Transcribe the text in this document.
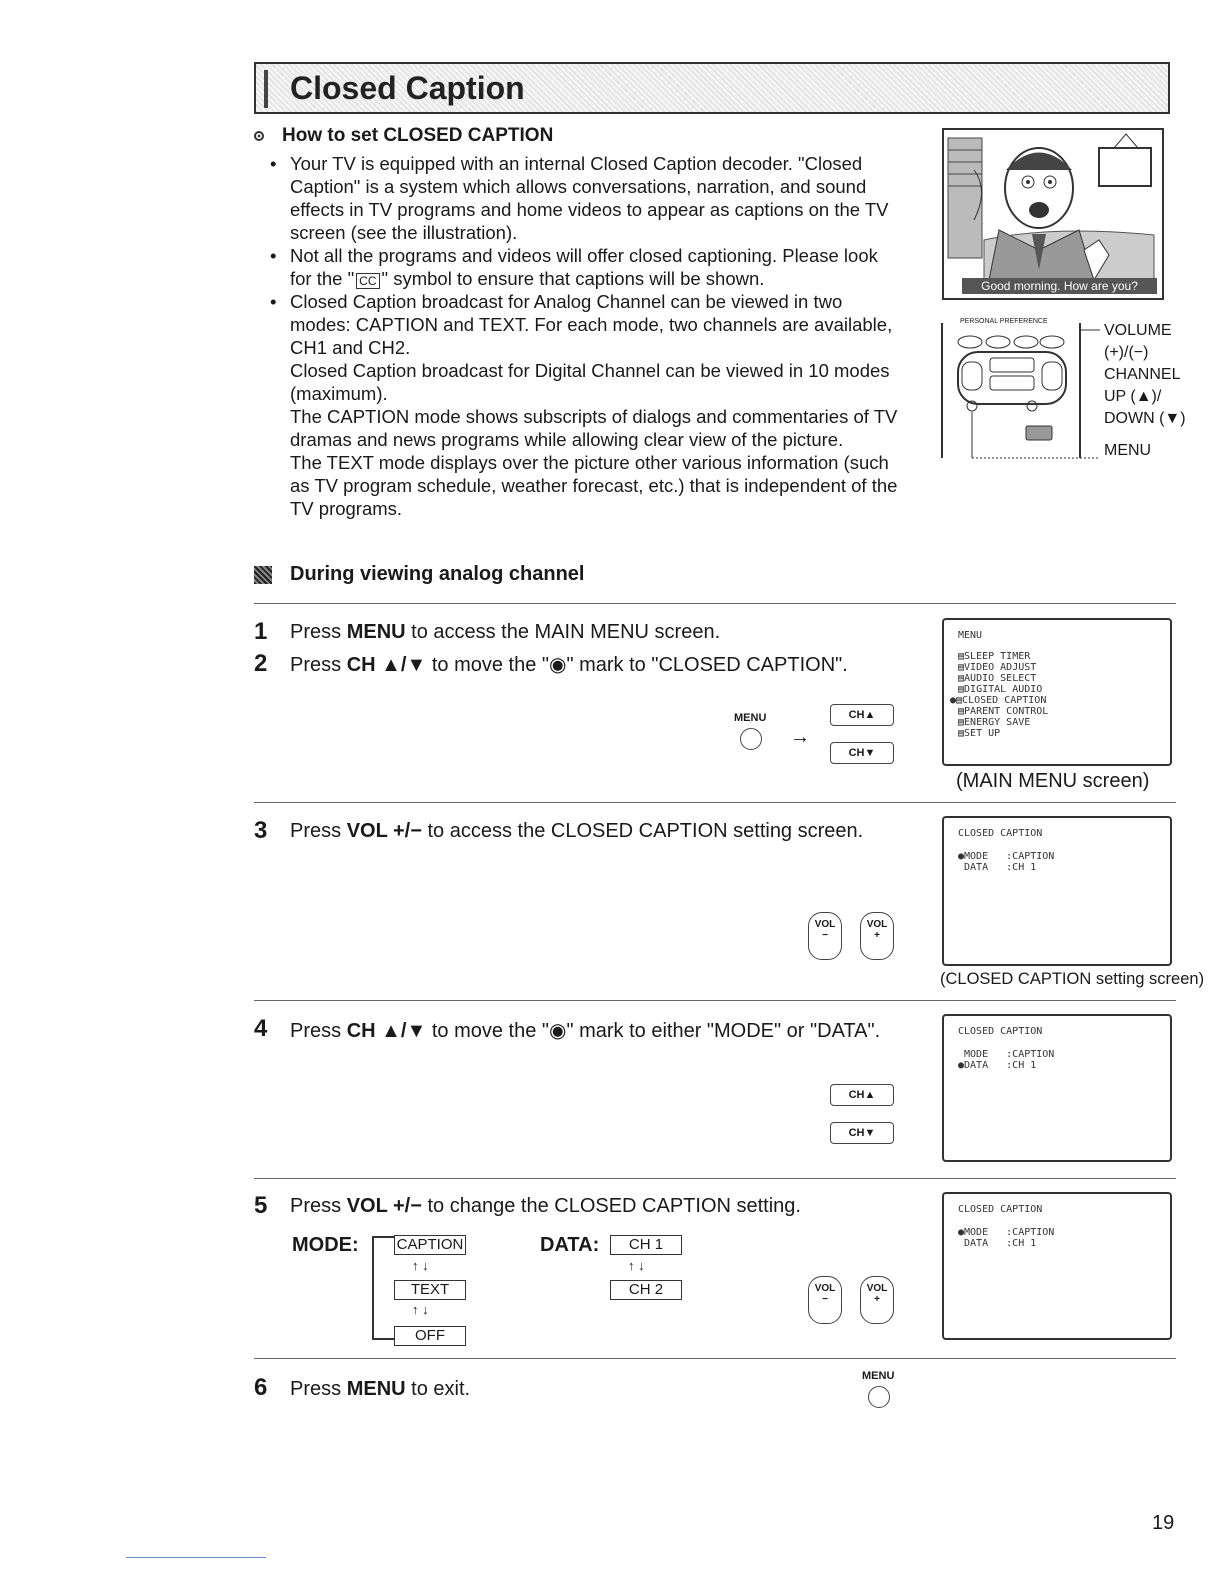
Closed Caption
How to set CLOSED CAPTION
• Your TV is equipped with an internal Closed Caption decoder. "Closed Caption" is a system which allows conversations, narration, and sound effects in TV programs and home videos to appear as captions on the TV screen (see the illustration).
• Not all the programs and videos will offer closed captioning. Please look for the " CC " symbol to ensure that captions will be shown.
• Closed Caption broadcast for Analog Channel can be viewed in two modes: CAPTION and TEXT. For each mode, two channels are available, CH1 and CH2.

Closed Caption broadcast for Digital Channel can be viewed in 10 modes (maximum).

The CAPTION mode shows subscripts of dialogs and commentaries of TV dramas and news programs while allowing clear view of the picture.

The TEXT mode displays over the picture other various information (such as TV program schedule, weather forecast, etc.) that is independent of the TV programs.

Good morning. How are you?
PERSONAL PREFERENCE
VOLUME
(+)/(−)
CHANNEL
UP (▲)/
DOWN (▼)
MENU
During viewing analog channel
1 Press MENU to access the MAIN MENU screen.
2 Press CH ▲/▼ to move the "◉" mark to "CLOSED CAPTION".
MENU
→
CH▲
CH▼
MENU
▤SLEEP TIMER
▤VIDEO ADJUST
▤AUDIO SELECT
▤DIGITAL AUDIO
●▤CLOSED CAPTION
▤PARENT CONTROL
▤ENERGY SAVE
▤SET UP
(MAIN MENU screen)
3 Press VOL +/− to access the CLOSED CAPTION setting screen.
VOL
−
VOL
+
CLOSED CAPTION
●MODE   :CAPTION
DATA   :CH 1
(CLOSED CAPTION setting screen)
4 Press CH ▲/▼ to move the "◉" mark to either "MODE" or "DATA".
CH▲
CH▼
CLOSED CAPTION
MODE   :CAPTION
●DATA   :CH 1
5 Press VOL +/− to change the CLOSED CAPTION setting.
MODE:	CAPTION
↑ ↓
TEXT
↑ ↓
OFF
DATA:	CH 1
↑ ↓
CH 2	VOL
−
VOL
+
CLOSED CAPTION
●MODE   :CAPTION
DATA   :CH 1
6 Press MENU to exit.
MENU
19
